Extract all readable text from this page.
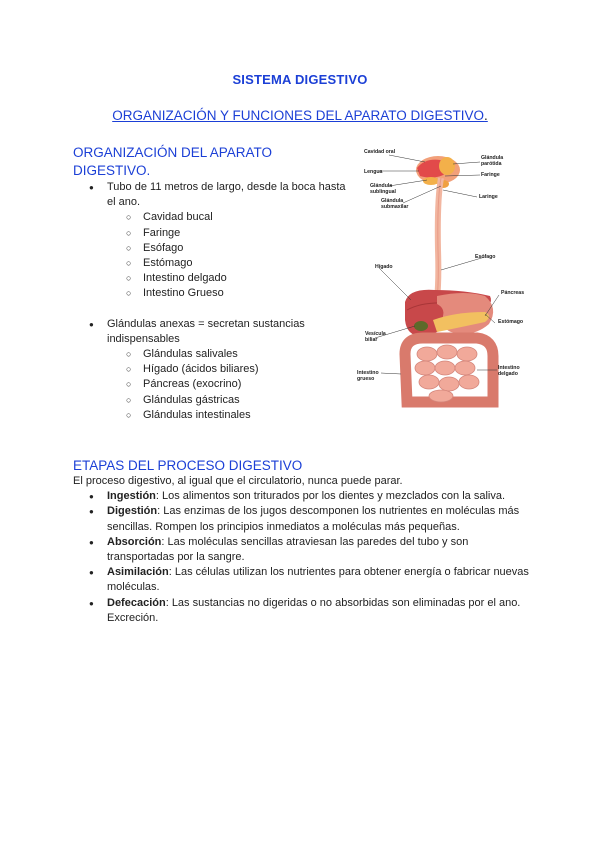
SISTEMA DIGESTIVO
ORGANIZACIÓN Y FUNCIONES DEL APARATO DIGESTIVO.
ORGANIZACIÓN DEL APARATO
DIGESTIVO.
● Tubo de 11 metros de largo, desde la boca hasta el ano.
○ Cavidad bucal
○ Faringe
○ Esófago
○ Estómago
○ Intestino delgado
○ Intestino Grueso
● Glándulas anexas = secretan sustancias indispensables
○ Glándulas salivales
○ Hígado (ácidos biliares)
○ Páncreas (exocrino)
○ Glándulas gástricas
○ Glándulas intestinales
Cavidad oral
Lengua
Glándula
sublingual
Glándula
submaxilar
Glándula
parótida
Faringe
Laringe
Hígado
Esófago
Páncreas
Estómago
Vesícula
biliar
Intestino
grueso
Intestino
delgado
ETAPAS DEL PROCESO DIGESTIVO
El proceso digestivo, al igual que el circulatorio, nunca puede parar.
● Ingestión: Los alimentos son triturados por los dientes y mezclados con la saliva.
● Digestión: Las enzimas de los jugos descomponen los nutrientes en moléculas más sencillas. Rompen los principios inmediatos a moléculas más pequeñas.
● Absorción: Las moléculas sencillas atraviesan las paredes del tubo y son transportadas por la sangre.
● Asimilación: Las células utilizan los nutrientes para obtener energía o fabricar nuevas moléculas.
● Defecación: Las sustancias no digeridas o no absorbidas son eliminadas por el ano. Excreción.
